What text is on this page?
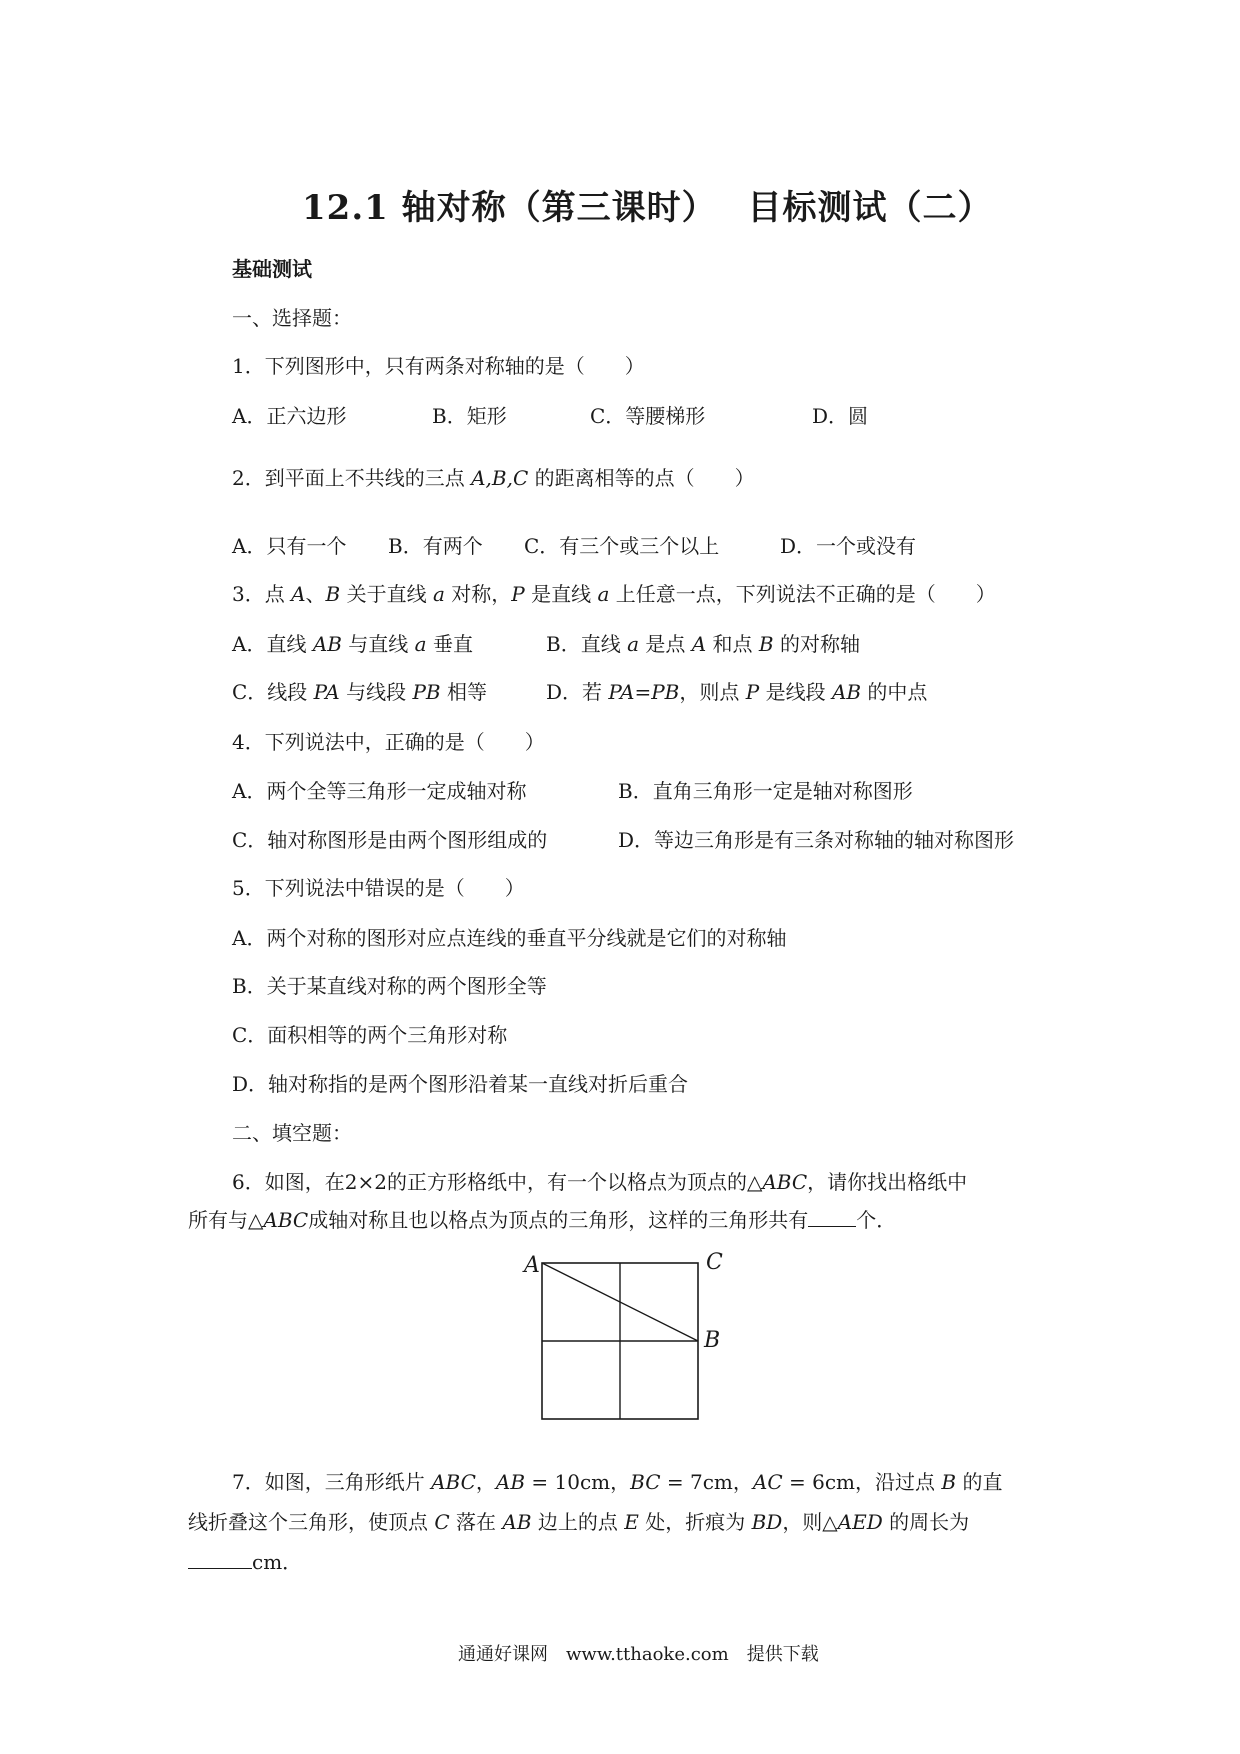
12.1 轴对称（第三课时）　 目标测试（二）
基础测试
一、选择题：
1．下列图形中，只有两条对称轴的是（　　）
A．正六边形	B．矩形	C．等腰梯形	D．圆
2．到平面上不共线的三点 A,B,C 的距离相等的点（　　）
A．只有一个 B．有两个 C．有三个或三个以上	D．一个或没有
3．点 A、B 关于直线 a 对称，P 是直线 a 上任意一点，下列说法不正确的是（　　）
A．直线 AB 与直线 a 垂直	B．直线 a 是点 A 和点 B 的对称轴
C．线段 PA 与线段 PB 相等	D．若 PA=PB，则点 P 是线段 AB 的中点
4．下列说法中，正确的是（　　）
A．两个全等三角形一定成轴对称	B．直角三角形一定是轴对称图形
C．轴对称图形是由两个图形组成的	D．等边三角形是有三条对称轴的轴对称图形
5．下列说法中错误的是（　　）
A．两个对称的图形对应点连线的垂直平分线就是它们的对称轴
B．关于某直线对称的两个图形全等
C．面积相等的两个三角形对称
D．轴对称指的是两个图形沿着某一直线对折后重合
二、填空题：
6．如图，在2×2的正方形格纸中，有一个以格点为顶点的△ABC，请你找出格纸中
所有与△ABC成轴对称且也以格点为顶点的三角形，这样的三角形共有 个．
A	C
B
7．如图，三角形纸片 ABC，AB = 10cm，BC = 7cm，AC = 6cm，沿过点 B 的直
线折叠这个三角形，使顶点 C 落在 AB 边上的点 E 处，折痕为 BD，则△AED 的周长为
cm．
通通好课网　www.tthaoke.com　提供下载
